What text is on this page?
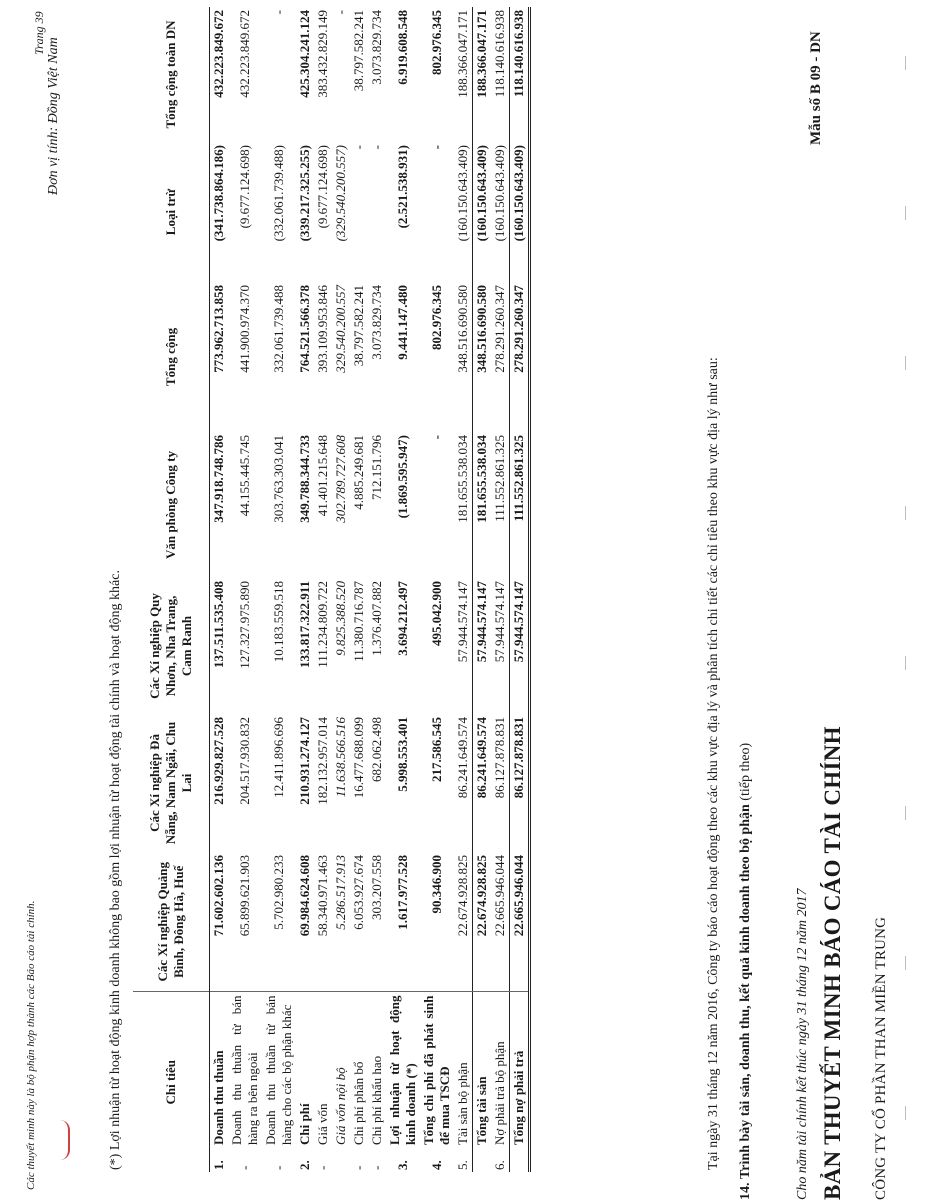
CÔNG TY CỔ PHẦN THAN MIỀN TRUNG
BẢN THUYẾT MINH BÁO CÁO TÀI CHÍNH
Cho năm tài chính kết thúc ngày 31 tháng 12 năm 2017
Mẫu số B 09 - DN
Đơn vị tính: Đồng Việt Nam
14. Trình bày tài sản, doanh thu, kết quả kinh doanh theo bộ phận (tiếp theo)
Tại ngày 31 tháng 12 năm 2016, Công ty báo cáo hoạt động theo các khu vực địa lý và phân tích chi tiết các chỉ tiêu theo khu vực địa lý như sau:
Chỉ tiêu		Các Xí nghiệp Quảng Bình, Đông Hà, Huế	Các Xí nghiệp Đà Nẵng, Nam Ngãi, Chu Lai	Các Xí nghiệp Quy Nhơn, Nha Trang, Cam Ranh	Văn phòng Công ty	Tổng cộng	Loại trừ	Tổng cộng toàn DN
1.	Doanh thu thuần	71.602.602.136	216.929.827.528	137.511.535.408	347.918.748.786	773.962.713.858	(341.738.864.186)	432.223.849.672
-	Doanh thu thuần từ bán hàng ra bên ngoài	65.899.621.903	204.517.930.832	127.327.975.890	44.155.445.745	441.900.974.370	(9.677.124.698)	432.223.849.672
-	Doanh thu thuần từ bán hàng cho các bộ phận khác	5.702.980.233	12.411.896.696	10.183.559.518	303.763.303.041	332.061.739.488	(332.061.739.488)	-
2.	Chi phí	69.984.624.608	210.931.274.127	133.817.322.911	349.788.344.733	764.521.566.378	(339.217.325.255)	425.304.241.124
-	Giá vốn	58.340.971.463	182.132.957.014	111.234.809.722	41.401.215.648	393.109.953.846	(9.677.124.698)	383.432.829.149
	Giá vốn nội bộ	5.286.517.913	11.638.566.516	9.825.388.520	302.789.727.608	329.540.200.557	(329.540.200.557)	-
-	Chi phí phân bổ	6.053.927.674	16.477.688.099	11.380.716.787	4.885.249.681	38.797.582.241	-	38.797.582.241
-	Chi phí khấu hao	303.207.558	682.062.498	1.376.407.882	712.151.796	3.073.829.734	-	3.073.829.734
3.	Lợi nhuận từ hoạt động kinh doanh (*)	1.617.977.528	5.998.553.401	3.694.212.497	(1.869.595.947)	9.441.147.480	(2.521.538.931)	6.919.608.548
4.	Tổng chi phí đã phát sinh để mua TSCĐ	90.346.900	217.586.545	495.042.900	-	802.976.345	-	802.976.345
5.	Tài sản bộ phận	22.674.928.825	86.241.649.574	57.944.574.147	181.655.538.034	348.516.690.580	(160.150.643.409)	188.366.047.171
	Tổng tài sản	22.674.928.825	86.241.649.574	57.944.574.147	181.655.538.034	348.516.690.580	(160.150.643.409)	188.366.047.171
6.	Nợ phải trả bộ phận	22.665.946.044	86.127.878.831	57.944.574.147	111.552.861.325	278.291.260.347	(160.150.643.409)	118.140.616.938
	Tổng nợ phải trả	22.665.946.044	86.127.878.831	57.944.574.147	111.552.861.325	278.291.260.347	(160.150.643.409)	118.140.616.938
(*) Lợi nhuận từ hoạt động kinh doanh không bao gồm lợi nhuận từ hoạt động tài chính và hoạt động khác.
Các thuyết minh này là bộ phận hợp thành các Báo cáo tài chính.
Trang 39
